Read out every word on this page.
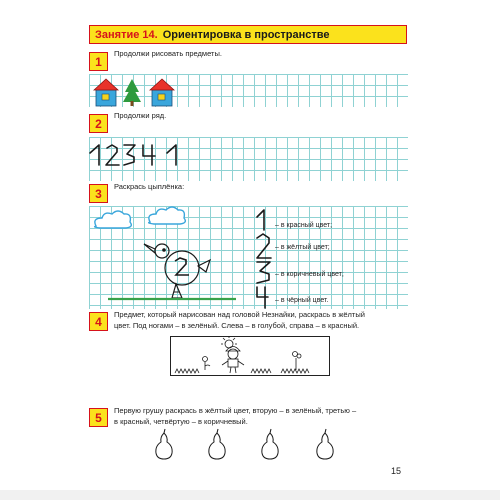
Занятие 14. Ориентировка в пространстве
1
Продолжи рисовать предметы.
2
Продолжи ряд.
3	Раскрась цыплёнка:
– в красный цвет;
– в жёлтый цвет;
– в коричневый цвет;
– в чёрный цвет.
4	Предмет, который нарисован над головой Незнайки, раскрась в жёлтый
цвет. Под ногами – в зелёный. Слева – в голубой, справа – в красный.
5	Первую грушу раскрась в жёлтый цвет, вторую – в зелёный, третью –
в красный, четвёртую – в коричневый.
15
